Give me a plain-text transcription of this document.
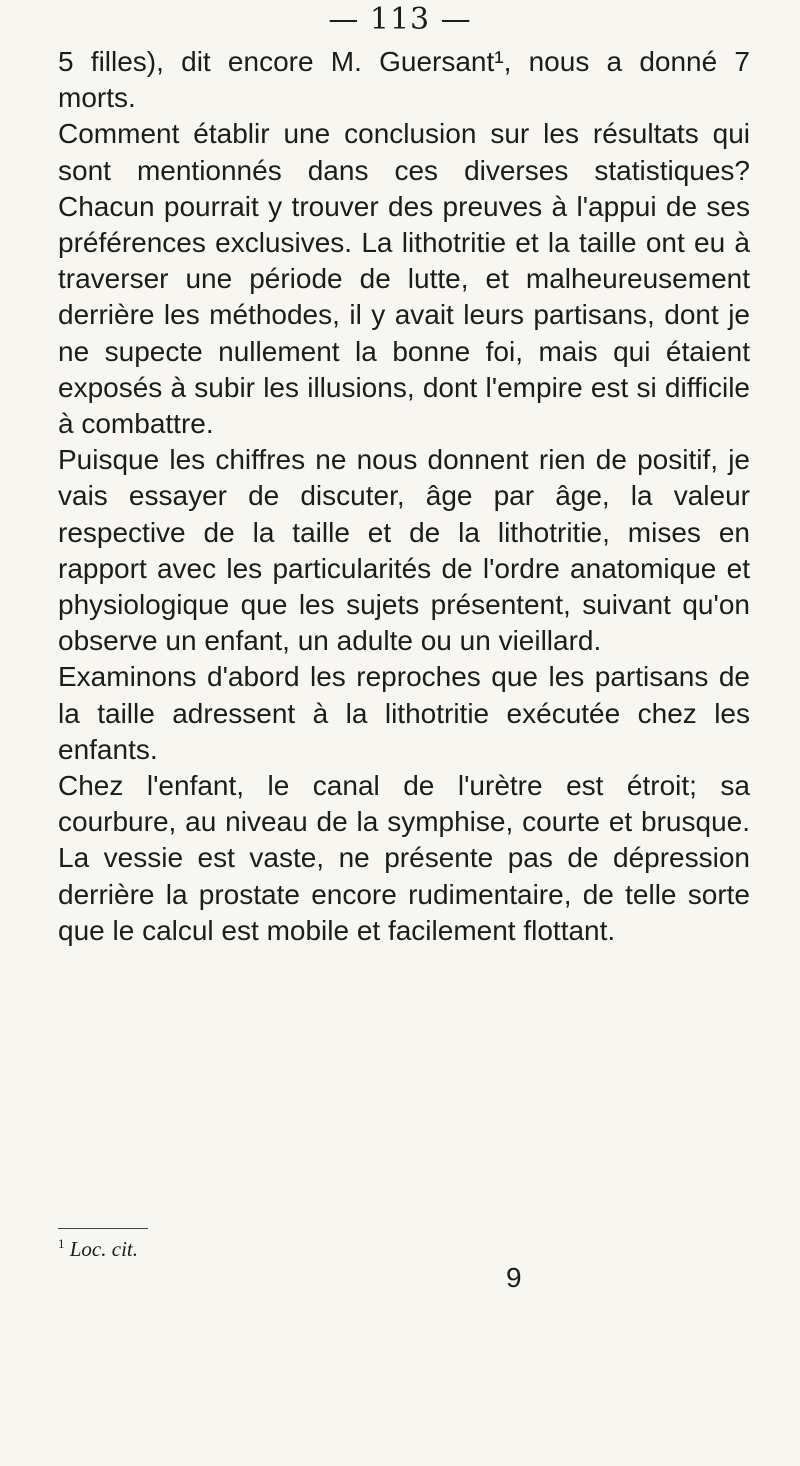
— 113 —

5 filles), dit encore M. Guersant¹, nous a donné 7 morts.

Comment établir une conclusion sur les résultats qui sont mentionnés dans ces diverses statistiques? Chacun pourrait y trouver des preuves à l'appui de ses préférences exclusives. La lithotritie et la taille ont eu à traverser une période de lutte, et malheureusement derrière les méthodes, il y avait leurs partisans, dont je ne supecte nullement la bonne foi, mais qui étaient exposés à subir les illusions, dont l'empire est si difficile à combattre.

Puisque les chiffres ne nous donnent rien de positif, je vais essayer de discuter, âge par âge, la valeur respective de la taille et de la lithotritie, mises en rapport avec les particularités de l'ordre anatomique et physiologique que les sujets présentent, suivant qu'on observe un enfant, un adulte ou un vieillard.

Examinons d'abord les reproches que les partisans de la taille adressent à la lithotritie exécutée chez les enfants.

Chez l'enfant, le canal de l'urètre est étroit; sa courbure, au niveau de la symphise, courte et brusque. La vessie est vaste, ne présente pas de dépression derrière la prostate encore rudimentaire, de telle sorte que le calcul est mobile et facilement flottant.

$^1$ Loc. cit.
9
